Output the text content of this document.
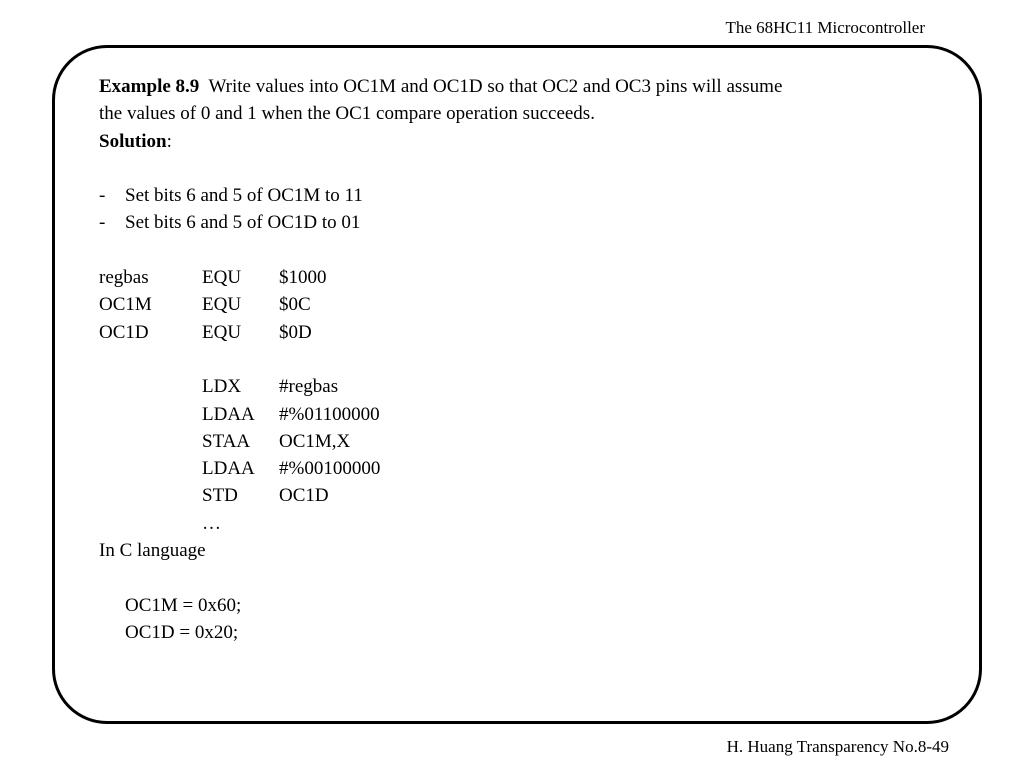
The 68HC11 Microcontroller
Example 8.9 Write values into OC1M and OC1D so that OC2 and OC3 pins will assume
the values of 0 and 1 when the OC1 compare operation succeeds.
Solution:
- Set bits 6 and 5 of OC1M to 11
- Set bits 6 and 5 of OC1D to 01
regbas	EQU $1000
OC1M	EQU $0C
OC1D	EQU $0D
LDX #regbas
LDAA #%01100000
STAA OC1M,X
LDAA #%00100000
STD OC1D
…
In C language
OC1M = 0x60;
OC1D = 0x20;
H. Huang Transparency No.8-49
